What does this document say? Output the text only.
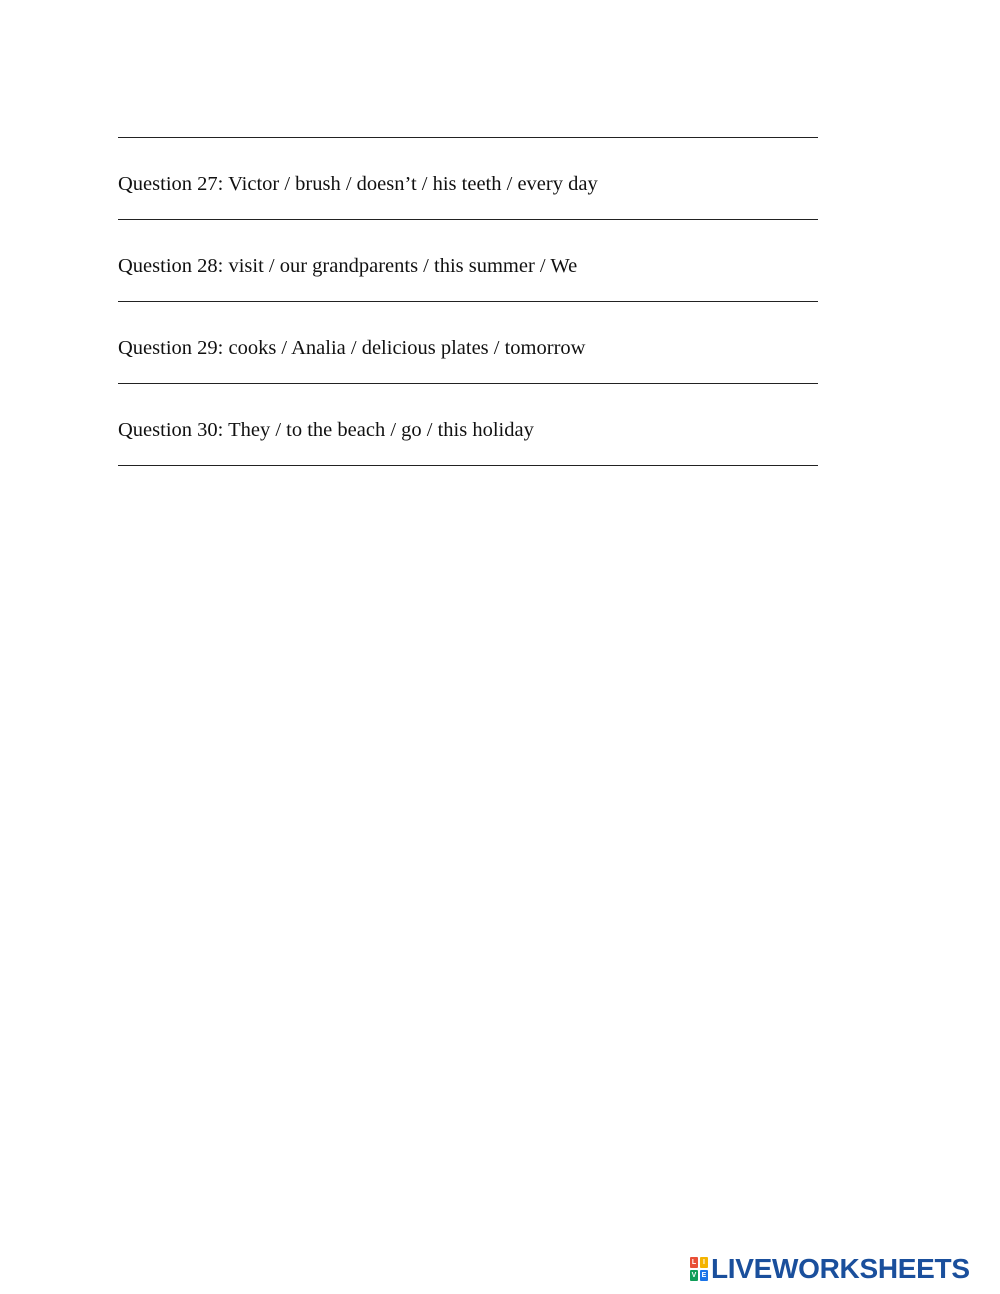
Question 27: Victor / brush / doesn’t / his teeth / every day
Question 28: visit / our grandparents / this summer / We
Question 29: cooks / Analia / delicious plates / tomorrow
Question 30: They / to the beach / go / this holiday
L I
V E LIVEWORKSHEETS
